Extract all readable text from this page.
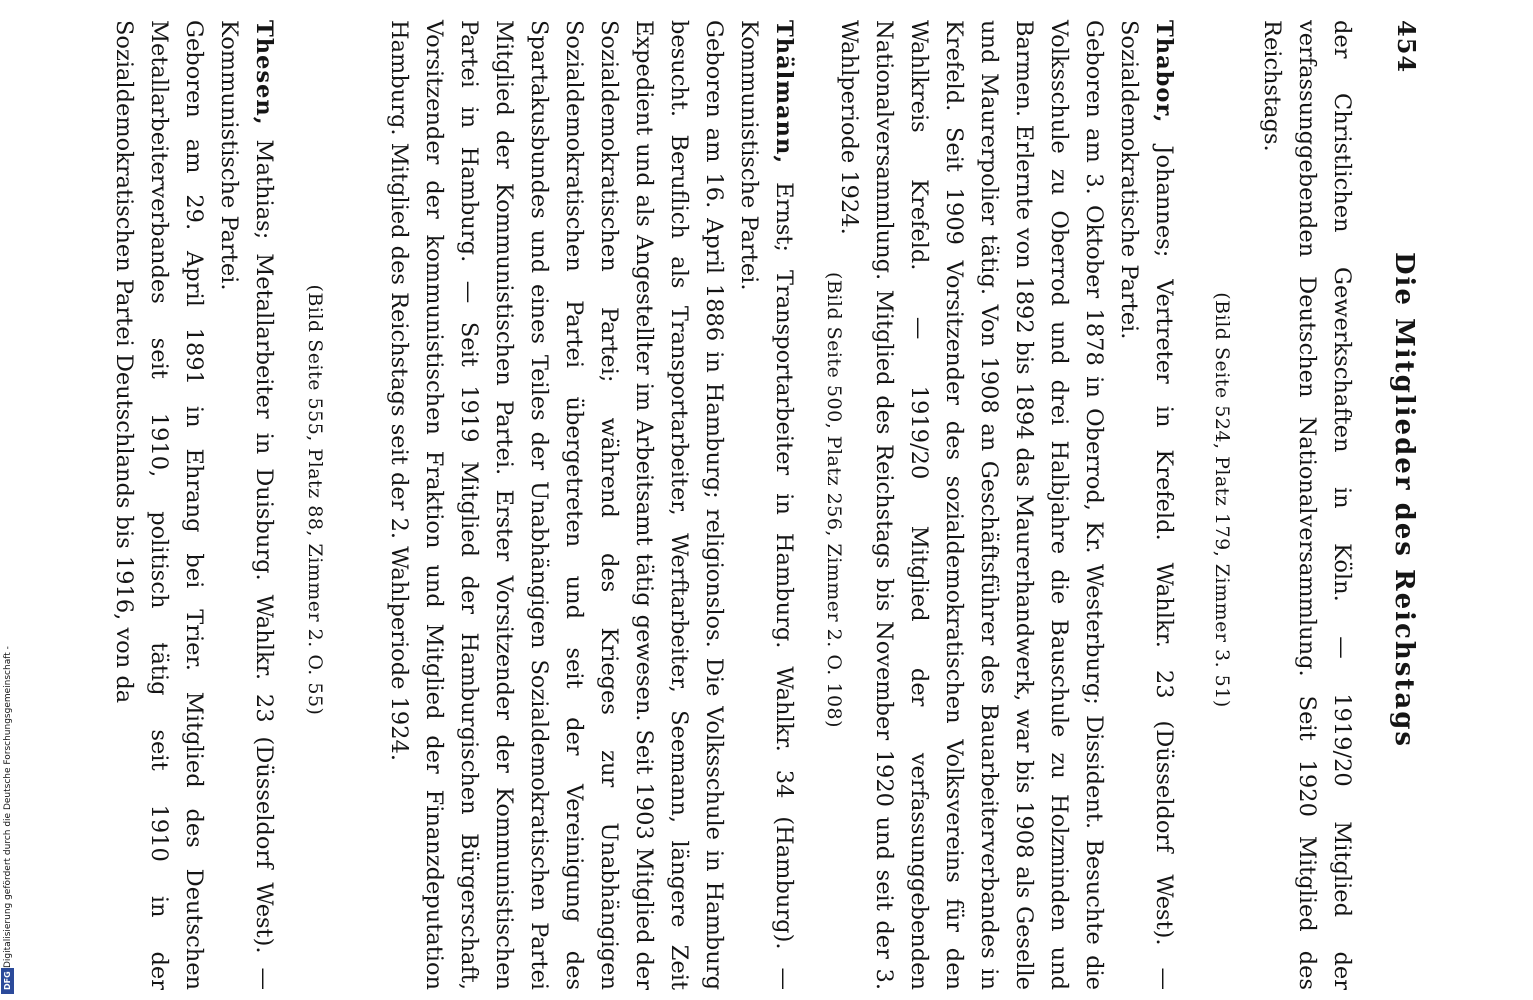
Digitalisierung gefördert durch die Deutsche Forschungsgemeinschaft -
DFG
454
Die Mitglieder des Reichstags

der Christlichen Gewerkschaften in Köln. — 1919/20 Mitglied der verfassunggebenden Deutschen Nationalversammlung. Seit 1920 Mitglied des Reichstags.

(Bild Seite 524, Platz 179, Zimmer 3. 51)

Thabor, Johannes; Vertreter in Krefeld. Wahlkr. 23 (Düsseldorf West). — Sozialdemokratische Partei.
Geboren am 3. Oktober 1878 in Oberrod, Kr. Westerburg; Dissident. Besuchte die Volksschule zu Oberrod und drei Halbjahre die Bauschule zu Holzminden und Barmen. Erlernte von 1892 bis 1894 das Maurerhandwerk, war bis 1908 als Geselle und Maurerpolier tätig. Von 1908 an Geschäftsführer des Bauarbeiterverbandes in Krefeld. Seit 1909 Vorsitzender des sozialdemokratischen Volksvereins für den Wahlkreis Krefeld. — 1919/20 Mitglied der verfassunggebenden Nationalversammlung. Mitglied des Reichstags bis November 1920 und seit der 3. Wahlperiode 1924.

(Bild Seite 500, Platz 256, Zimmer 2. O. 108)

Thälmann, Ernst; Transportarbeiter in Hamburg. Wahlkr. 34 (Hamburg). — Kommunistische Partei.
Geboren am 16. April 1886 in Hamburg; religionslos. Die Volksschule in Hamburg besucht. Beruflich als Transportarbeiter, Werftarbeiter, Seemann, längere Zeit Expedient und als Angestellter im Arbeitsamt tätig gewesen. Seit 1903 Mitglied der Sozialdemokratischen Partei; während des Krieges zur Unabhängigen Sozialdemokratischen Partei übergetreten und seit der Vereinigung des Spartakusbundes und eines Teiles der Unabhängigen Sozialdemokratischen Partei Mitglied der Kommunistischen Partei. Erster Vorsitzender der Kommunistischen Partei in Hamburg. — Seit 1919 Mitglied der Hamburgischen Bürgerschaft, Vorsitzender der kommunistischen Fraktion und Mitglied der Finanzdeputation Hamburg. Mitglied des Reichstags seit der 2. Wahlperiode 1924.

(Bild Seite 555, Platz 88, Zimmer 2. O. 55)

Thesen, Mathias; Metallarbeiter in Duisburg. Wahlkr. 23 (Düsseldorf West). — Kommunistische Partei.
Geboren am 29. April 1891 in Ehrang bei Trier. Mitglied des Deutschen Metallarbeiterverbandes seit 1910, politisch tätig seit 1910 in der Sozialdemokratischen Partei Deutschlands bis 1916, von da
